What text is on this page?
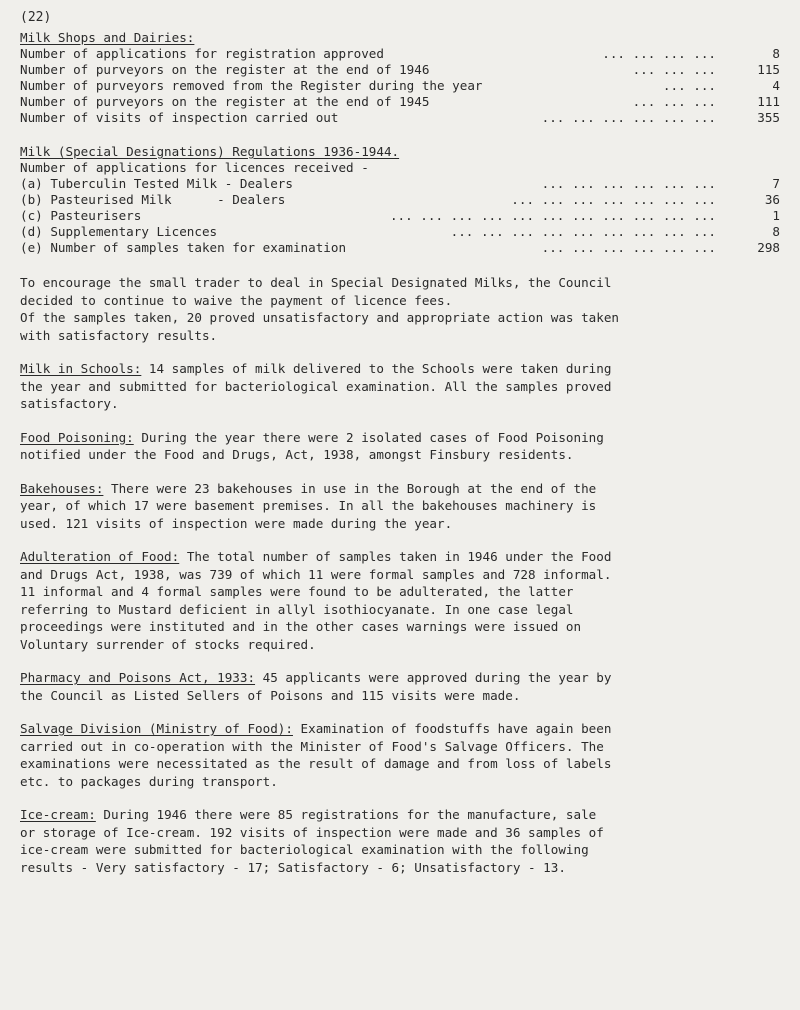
(22)
Milk Shops and Dairies:
Number of applications for registration approved	... ... ... ...	8
Number of purveyors on the register at the end of 1946	... ... ...	115
Number of purveyors removed from the Register during the year	... ...	4
Number of purveyors on the register at the end of 1945	... ... ...	111
Number of visits of inspection carried out	... ... ... ... ... ...	355
Milk (Special Designations) Regulations 1936-1944.
Number of applications for licences received -
(a) Tuberculin Tested Milk - Dealers	... ... ... ... ... ...	7
(b) Pasteurised Milk      - Dealers	... ... ... ... ... ... ...	36
(c) Pasteurisers	... ... ... ... ... ... ... ... ... ... ...	1
(d) Supplementary Licences	... ... ... ... ... ... ... ... ...	8
(e) Number of samples taken for examination	... ... ... ... ... ...	298
To encourage the small trader to deal in Special Designated Milks, the Council
decided to continue to waive the payment of licence fees.
Of the samples taken, 20 proved unsatisfactory and appropriate action was taken
with satisfactory results.
Milk in Schools: 14 samples of milk delivered to the Schools were taken during
the year and submitted for bacteriological examination. All the samples proved
satisfactory.
Food Poisoning: During the year there were 2 isolated cases of Food Poisoning
notified under the Food and Drugs, Act, 1938, amongst Finsbury residents.
Bakehouses: There were 23 bakehouses in use in the Borough at the end of the
year, of which 17 were basement premises. In all the bakehouses machinery is
used. 121 visits of inspection were made during the year.
Adulteration of Food: The total number of samples taken in 1946 under the Food
and Drugs Act, 1938, was 739 of which 11 were formal samples and 728 informal.
11 informal and 4 formal samples were found to be adulterated, the latter
referring to Mustard deficient in allyl isothiocyanate. In one case legal
proceedings were instituted and in the other cases warnings were issued on
Voluntary surrender of stocks required.
Pharmacy and Poisons Act, 1933: 45 applicants were approved during the year by
the Council as Listed Sellers of Poisons and 115 visits were made.
Salvage Division (Ministry of Food): Examination of foodstuffs have again been
carried out in co-operation with the Minister of Food's Salvage Officers. The
examinations were necessitated as the result of damage and from loss of labels
etc. to packages during transport.
Ice-cream: During 1946 there were 85 registrations for the manufacture, sale
or storage of Ice-cream. 192 visits of inspection were made and 36 samples of
ice-cream were submitted for bacteriological examination with the following
results - Very satisfactory - 17; Satisfactory - 6; Unsatisfactory - 13.
